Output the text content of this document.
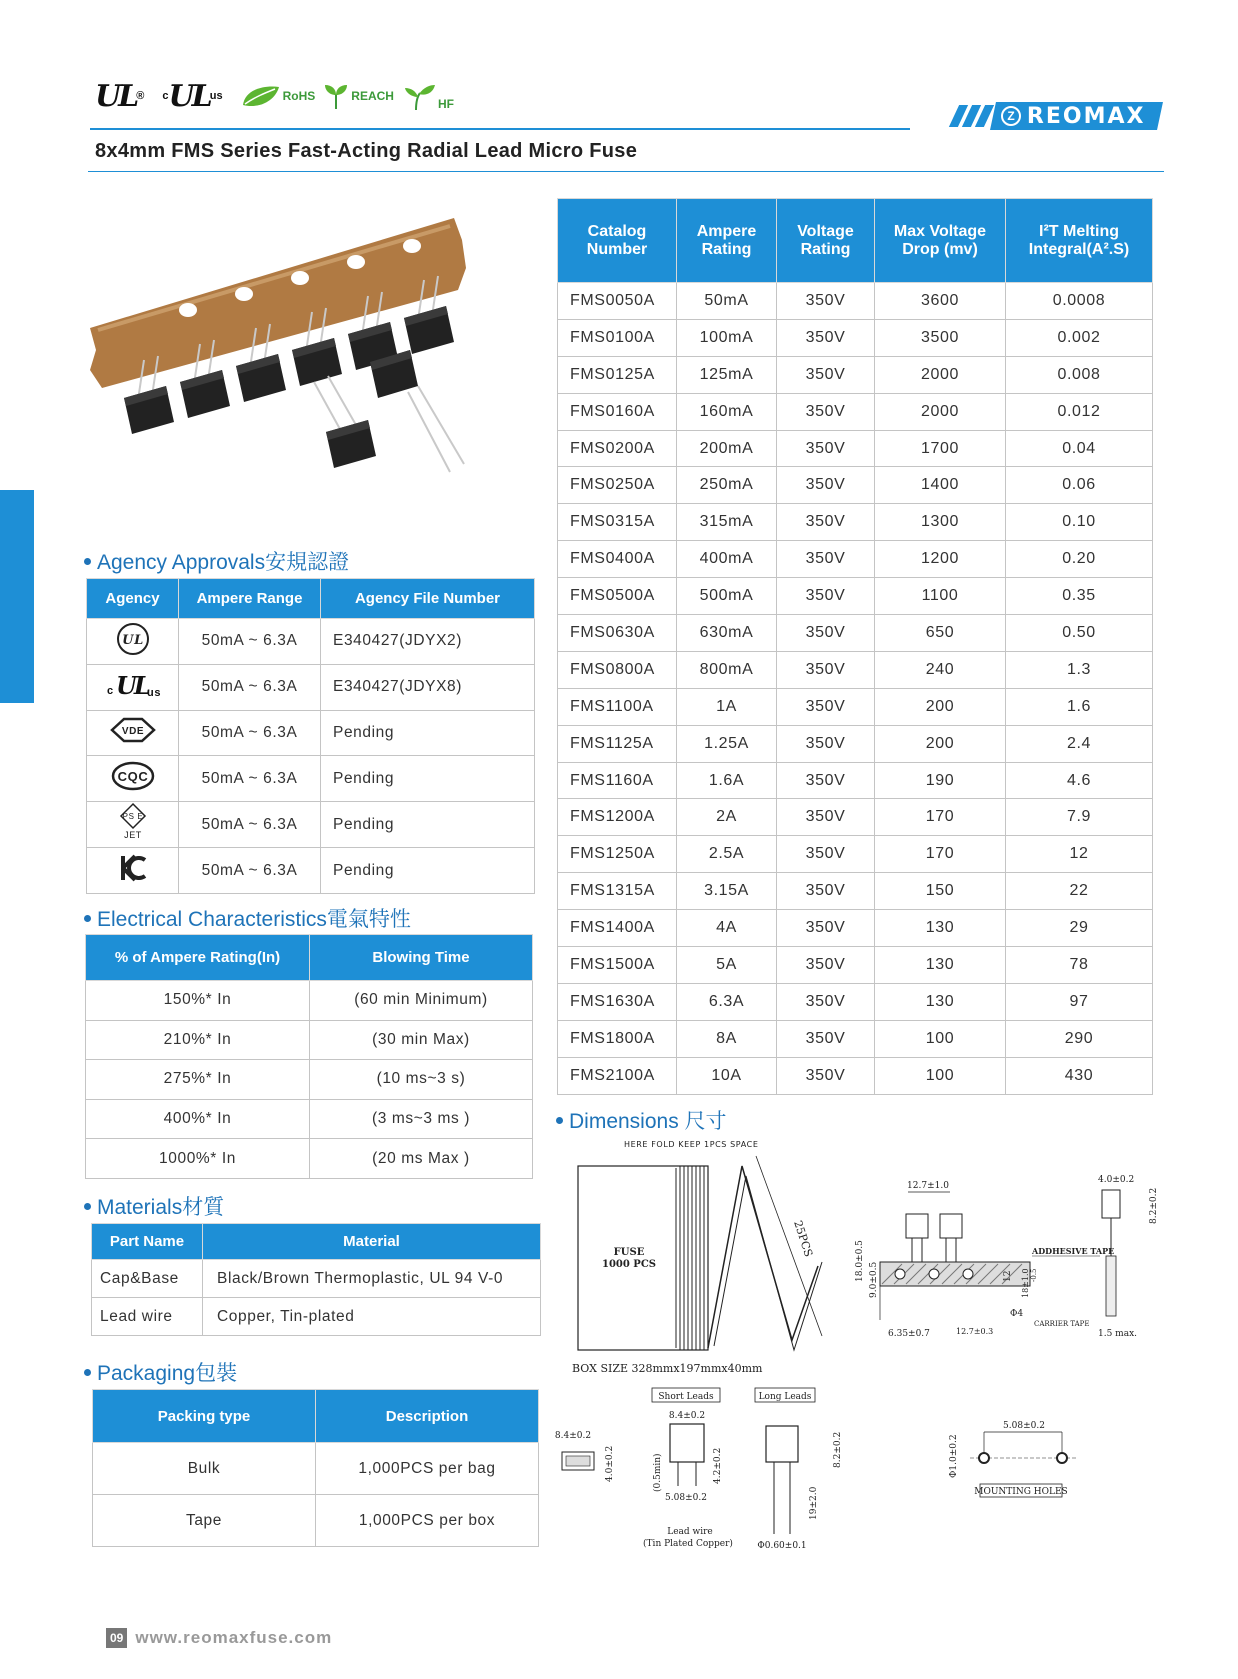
UL ® c UL us	RoHS	REACH
HF
Z REOMAX
8x4mm FMS Series Fast-Acting Radial Lead Micro Fuse
Catalog Number	Ampere Rating	Voltage Rating	Max Voltage Drop (mv)	I²T Melting Integral(A².S)
FMS0050A	50mA	350V	3600	0.0008
FMS0100A	100mA	350V	3500	0.002
FMS0125A	125mA	350V	2000	0.008
FMS0160A	160mA	350V	2000	0.012
FMS0200A	200mA	350V	1700	0.04
FMS0250A	250mA	350V	1400	0.06
FMS0315A	315mA	350V	1300	0.10
FMS0400A	400mA	350V	1200	0.20
FMS0500A	500mA	350V	1100	0.35
FMS0630A	630mA	350V	650	0.50
FMS0800A	800mA	350V	240	1.3
FMS1100A	1A	350V	200	1.6
FMS1125A	1.25A	350V	200	2.4
FMS1160A	1.6A	350V	190	4.6
FMS1200A	2A	350V	170	7.9
FMS1250A	2.5A	350V	170	12
FMS1315A	3.15A	350V	150	22
FMS1400A	4A	350V	130	29
FMS1500A	5A	350V	130	78
FMS1630A	6.3A	350V	130	97
FMS1800A	8A	350V	100	290
FMS2100A	10A	350V	100	430
Agency Approvals安規認證
Agency	Ampere Range	Agency File Number

UL	50mA ~ 6.3A	E340427(JDYX2)

c UL us	50mA ~ 6.3A	E340427(JDYX8)

VDE	50mA ~ 6.3A	Pending

CQC	50mA ~ 6.3A	Pending

PS E
JET	50mA ~ 6.3A	Pending
	50mA ~ 6.3A	Pending
Electrical Characteristics電氣特性
% of Ampere Rating(In)	Blowing Time
150%* In	(60 min Minimum)
210%* In	(30 min Max)
275%* In	(10 ms~3 s)
400%* In	(3 ms~3 ms )
1000%* In	(20 ms Max )
Materials材質
Part Name	Material
Cap&Base	Black/Brown Thermoplastic, UL 94 V-0
Lead wire	Copper, Tin-plated
Packaging包裝
Packing type	Description
Bulk	1,000PCS per bag
Tape	1,000PCS per box
Dimensions 尺寸
HERE FOLD KEEP 1PCS SPACE
FUSE
1000 PCS
25PCS
BOX SIZE 328mmx197mmx40mm
12.7±1.0
18.0±0.5 9.0±0.5	12 18±1.0 -0.5
ADDHESIVE TAPE
Φ4
CARRIER TAPE
6.35±0.7	12.7±0.3
4.0±0.2
8.2±0.2
1.5 max.
Short Leads	Long Leads
8.4±0.2
4.0±0.2
8.4±0.2
(0.5min)	4.2±0.2
5.08±0.2
8.2±0.2
19±2.0
Lead wire
(Tin Plated Copper)	Φ0.60±0.1
5.08±0.2
Φ1.0±0.2
MOUNTING HOLES
09 www.reomaxfuse.com
